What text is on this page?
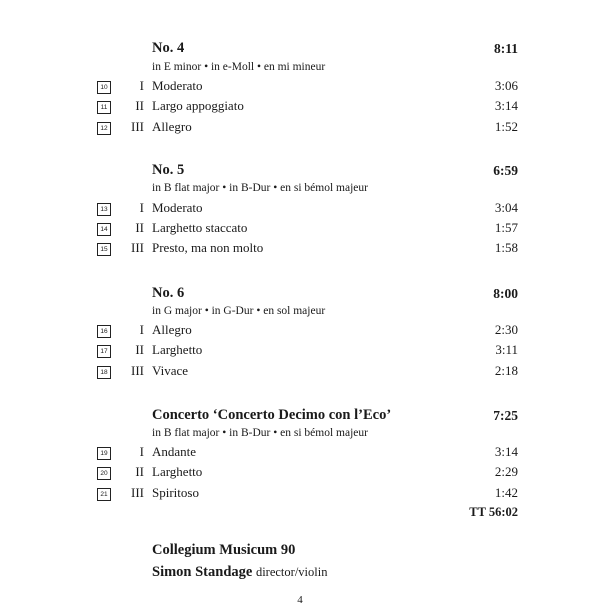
No. 4	8:11
in E minor • in e-Moll • en mi mineur
10 I Moderato	3:06
11 II Largo appoggiato	3:14
12 III Allegro	1:52
No. 5	6:59
in B flat major • in B-Dur • en si bémol majeur
13 I Moderato	3:04
14 II Larghetto staccato	1:57
15 III Presto, ma non molto	1:58
No. 6	8:00
in G major • in G-Dur • en sol majeur
16 I Allegro	2:30
17 II Larghetto	3:11
18 III Vivace	2:18
Concerto ‘Concerto Decimo con l’Eco’	7:25
in B flat major • in B-Dur • en si bémol majeur
19 I Andante	3:14
20 II Larghetto	2:29
21 III Spiritoso	1:42
TT 56:02
Collegium Musicum 90
Simon Standage director/violin
4
